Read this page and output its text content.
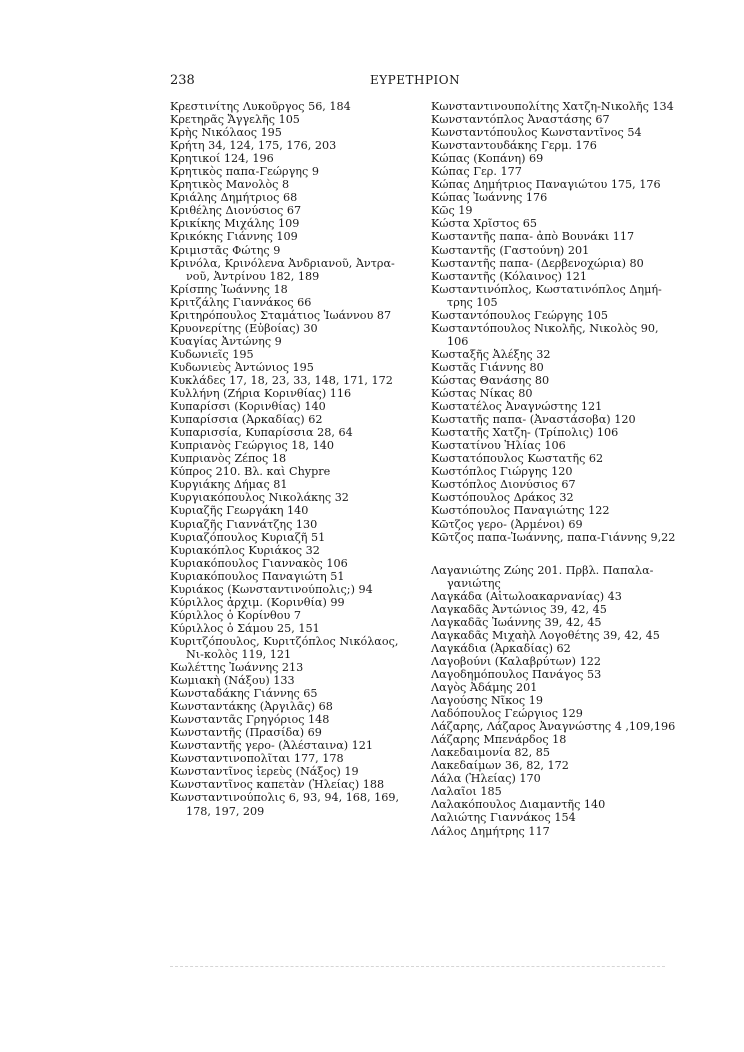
238	ΕΥΡΕΤΗΡΙΟΝ
Κρεστινίτης Λυκοῦργος 56, 184
Κρετηρᾶς Ἄγγελῆς 105
Κρὴς Νικόλαος 195
Κρήτη 34, 124, 175, 176, 203
Κρητικοί 124, 196
Κρητικὸς παπα-Γεώργης 9
Κρητικὸς Μανολὸς 8
Κριάλης Δημήτριος 68
Κριθέλης Διονύσιος 67
Κρικίκης Μιχάλης 109
Κρικόκης Γιάννης 109
Κριμιστᾶς Φώτης 9
Κρινόλα, Κρινόλενα Ἀνδριανοῦ, Ἀντρα-νοῦ, Ἀντρίνου 182, 189
Κρίσπης Ἰωάννης 18
Κριτζάλης Γιαννάκος 66
Κριτηρόπουλος Σταμάτιος Ἰωάννου 87
Κρυονερίτης (Εὐβοίας) 30
Κυαγίας Ἀντώνης 9
Κυδωνιεῖς 195
Κυδωνιεὺς Ἀντώνιος 195
Κυκλάδες 17, 18, 23, 33, 148, 171, 172
Κυλλήνη (Ζήρια Κορινθίας) 116
Κυπαρίσσι (Κορινθίας) 140
Κυπαρίσσια (Ἀρκαδίας) 62
Κυπαρισσία, Κυπαρίσσια 28, 64
Κυπριανὸς Γεώργιος 18, 140
Κυπριανὸς Ζέπος 18
Κύπρος 210. Βλ. καὶ Chypre
Κυργιάκης Δήμας 81
Κυργιακόπουλος Νικολάκης 32
Κυριαζῆς Γεωργάκη 140
Κυριαζῆς Γιαννάτζης 130
Κυριαζόπουλος Κυριαζῆ 51
Κυριακόπλος Κυριάκος 32
Κυριακόπουλος Γιαννακὸς 106
Κυριακόπουλος Παναγιώτη 51
Κυριάκος (Κωνσταντινούπολις;) 94
Κύριλλος ἀρχιμ. (Κορινθία) 99
Κύριλλος ὁ Κορίνθου 7
Κύριλλος ὁ Σάμου 25, 151
Κυριτζόπουλος, Κυριτζόπλος Νικόλαος, Νι-κολὸς 119, 121
Κωλέττης Ἰωάννης 213
Κωμιακὴ (Νάξου) 133
Κωνσταδάκης Γιάννης 65
Κωνσταντάκης (Ἀργιλᾶς) 68
Κωνσταντᾶς Γρηγόριος 148
Κωνσταντῆς (Πρασίδα) 69
Κωνσταντῆς γερο- (Ἀλέσταινα) 121
Κωνσταντινοπολῖται 177, 178
Κωνσταντῖνος ἱερεὺς (Νάξος) 19
Κωνσταντῖνος καπετὰν (Ἠλείας) 188
Κωνσταντινούπολις 6, 93, 94, 168, 169, 178, 197, 209
Κωνσταντινουπολίτης Χατζη-Νικολῆς 134
Κωνσταντόπλος Ἀναστάσης 67
Κωνσταντόπουλος Κωνσταντῖνος 54
Κωνσταντουδάκης Γερμ. 176
Κώπας (Κοπάνη) 69
Κώπας Γερ. 177
Κώπας Δημήτριος Παναγιώτου 175, 176
Κώπας Ἰωάννης 176
Κῶς 19
Κώστα Χρῖστος 65
Κωσταντῆς παπα- ἀπὸ Βουνάκι 117
Κωσταντῆς (Γαστούνη) 201
Κωσταντῆς παπα- (Δερβενοχώρια) 80
Κωσταντῆς (Κόλαινος) 121
Κωσταντινόπλος, Κωστατινόπλος Δημή-τρης 105
Κωσταντόπουλος Γεώργης 105
Κωσταντόπουλος Νικολῆς, Νικολὸς 90, 106
Κωσταξῆς Ἀλέξης 32
Κωστᾶς Γιάννης 80
Κώστας Θανάσης 80
Κώστας Νίκας 80
Κωστατέλος Ἀναγνώστης 121
Κωστατῆς παπα- (Ἀναστάσοβα) 120
Κωστατῆς Χατζη- (Τρίπολις) 106
Κωστατίνου Ἠλίας 106
Κωστατόπουλος Κωστατῆς 62
Κωστόπλος Γιώργης 120
Κωστόπλος Διονύσιος 67
Κωστόπουλος Δράκος 32
Κωστόπουλος Παναγιώτης 122
Κῶτζος γερο- (Ἀρμένοι) 69
Κῶτζος παπα-Ἰωάννης, παπα-Γιάννης 9,22
Λαγανιώτης Ζώης 201. Πρβλ. Παπαλα-γανιώτης
Λαγκάδα (Αἰτωλοακαρνανίας) 43
Λαγκαδᾶς Ἀντώνιος 39, 42, 45
Λαγκαδᾶς Ἰωάννης 39, 42, 45
Λαγκαδᾶς Μιχαὴλ Λογοθέτης 39, 42, 45
Λαγκάδια (Ἀρκαδίας) 62
Λαγοβούνι (Καλαβρύτων) 122
Λαγοδημόπουλος Πανάγος 53
Λαγὸς Ἀδάμης 201
Λαγούσης Νῖκος 19
Λαδόπουλος Γεώργιος 129
Λάζαρης, Λάζαρος Ἀναγνώστης 4 ,109,196
Λάζαρης Μπενάρδος 18
Λακεδαιμονία 82, 85
Λακεδαίμων 36, 82, 172
Λάλα (Ἠλείας) 170
Λαλαῖοι 185
Λαλακόπουλος Διαμαντῆς 140
Λαλιώτης Γιαννάκος 154
Λάλος Δημήτρης 117
